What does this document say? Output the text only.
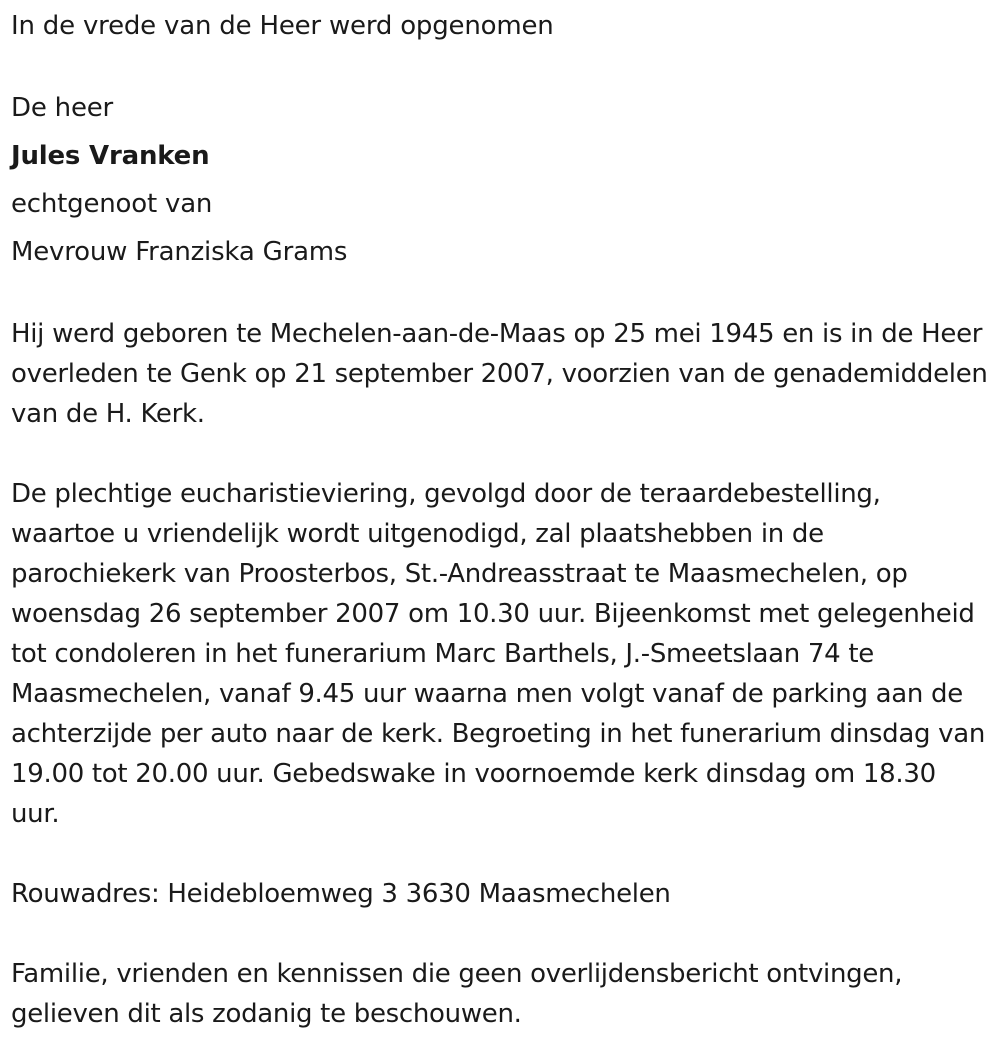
In de vrede van de Heer werd opgenomen

De heer

Jules Vranken

echtgenoot van

Mevrouw Franziska Grams

Hij werd geboren te Mechelen-aan-de-Maas op 25 mei 1945 en is in de Heer overleden te Genk op 21 september 2007, voorzien van de genademiddelen van de H. Kerk.

De plechtige eucharistieviering, gevolgd door de teraardebestelling, waartoe u vriendelijk wordt uitgenodigd, zal plaatshebben in de parochiekerk van Proosterbos, St.-Andreasstraat te Maasmechelen, op woensdag 26 september 2007 om 10.30 uur. Bijeenkomst met gelegenheid tot condoleren in het funerarium Marc Barthels, J.-Smeetslaan 74 te Maasmechelen, vanaf 9.45 uur waarna men volgt vanaf de parking aan de achterzijde per auto naar de kerk. Begroeting in het funerarium dinsdag van 19.00 tot 20.00 uur. Gebedswake in voornoemde kerk dinsdag om 18.30 uur.

Rouwadres: Heidebloemweg 3 3630 Maasmechelen

Familie, vrienden en kennissen die geen overlijdensbericht ontvingen, gelieven dit als zodanig te beschouwen.
